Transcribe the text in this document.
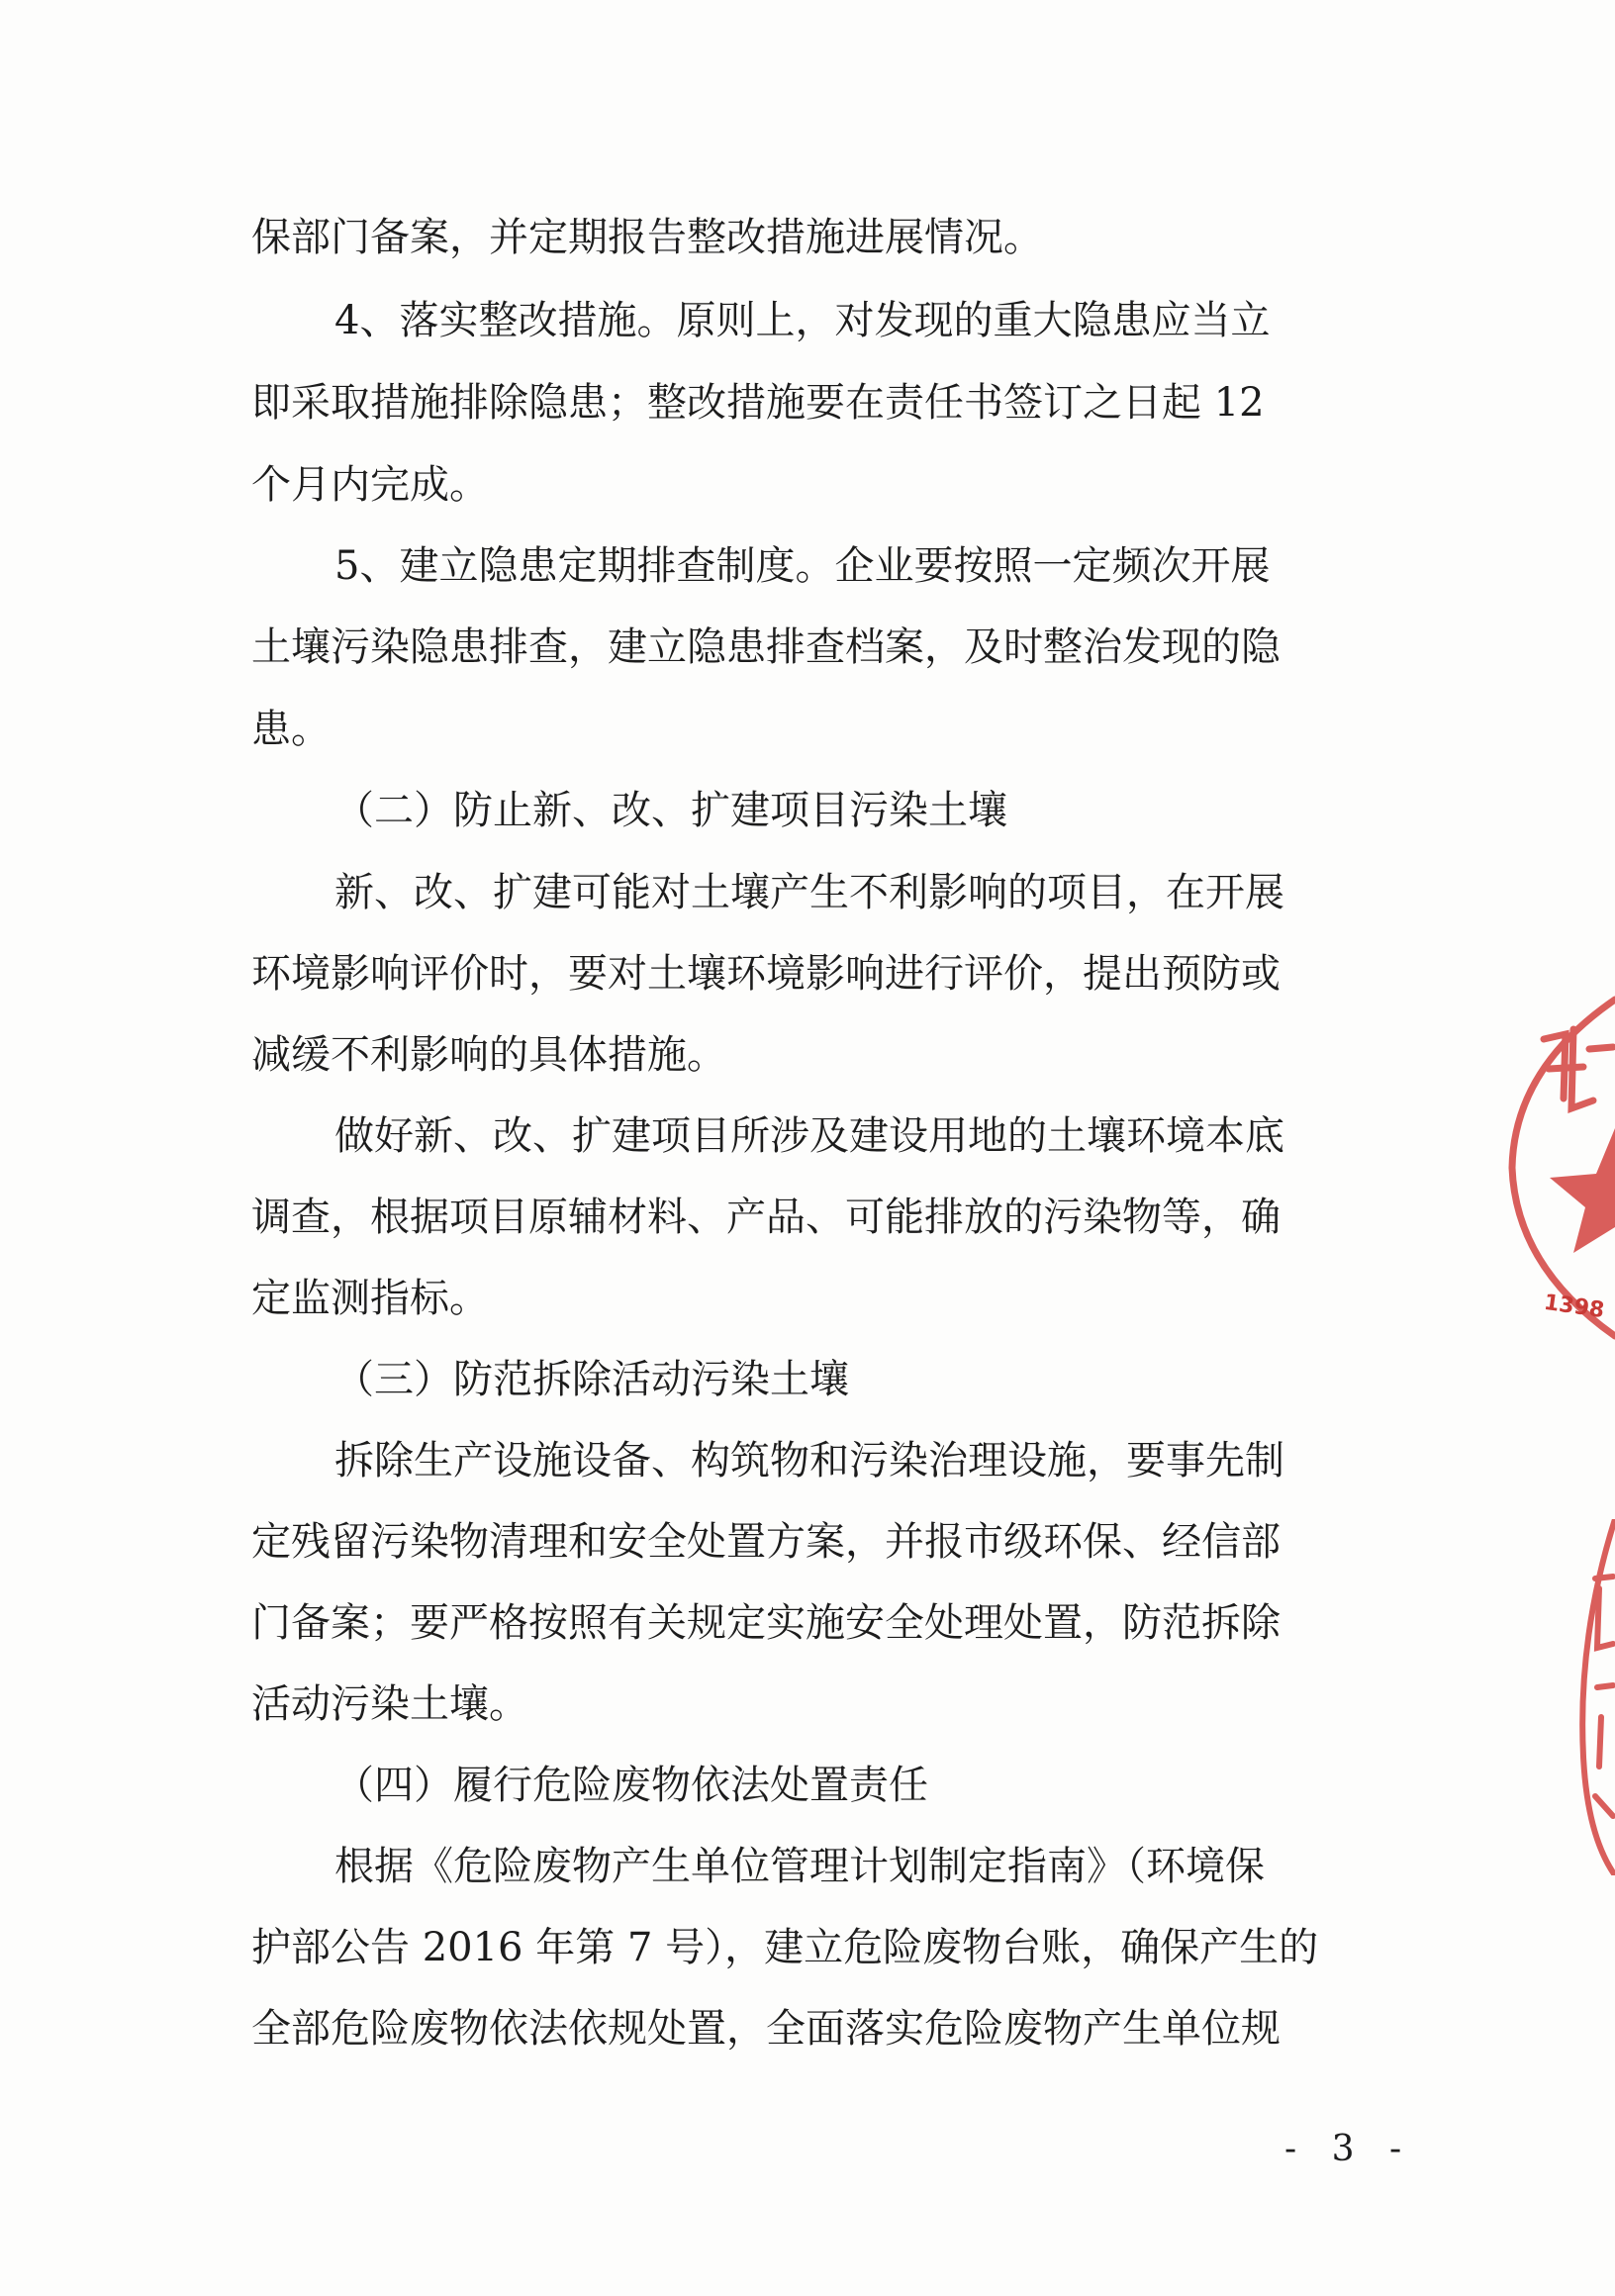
保部门备案，并定期报告整改措施进展情况。

4、落实整改措施。原则上，对发现的重大隐患应当立

即采取措施排除隐患；整改措施要在责任书签订之日起 12

个月内完成。

5、建立隐患定期排查制度。企业要按照一定频次开展

土壤污染隐患排查，建立隐患排查档案，及时整治发现的隐

患。

（二）防止新、改、扩建项目污染土壤

新、改、扩建可能对土壤产生不利影响的项目，在开展

环境影响评价时，要对土壤环境影响进行评价，提出预防或

减缓不利影响的具体措施。

做好新、改、扩建项目所涉及建设用地的土壤环境本底

调查，根据项目原辅材料、产品、可能排放的污染物等，确

定监测指标。

（三）防范拆除活动污染土壤

拆除生产设施设备、构筑物和污染治理设施，要事先制

定残留污染物清理和安全处置方案，并报市级环保、经信部

门备案；要严格按照有关规定实施安全处理处置，防范拆除

活动污染土壤。

（四）履行危险废物依法处置责任

根据《危险废物产生单位管理计划制定指南》（环境保

护部公告 2016 年第 7 号），建立危险废物台账，确保产生的

全部危险废物依法依规处置，全面落实危险废物产生单位规

- 3 -
1398
